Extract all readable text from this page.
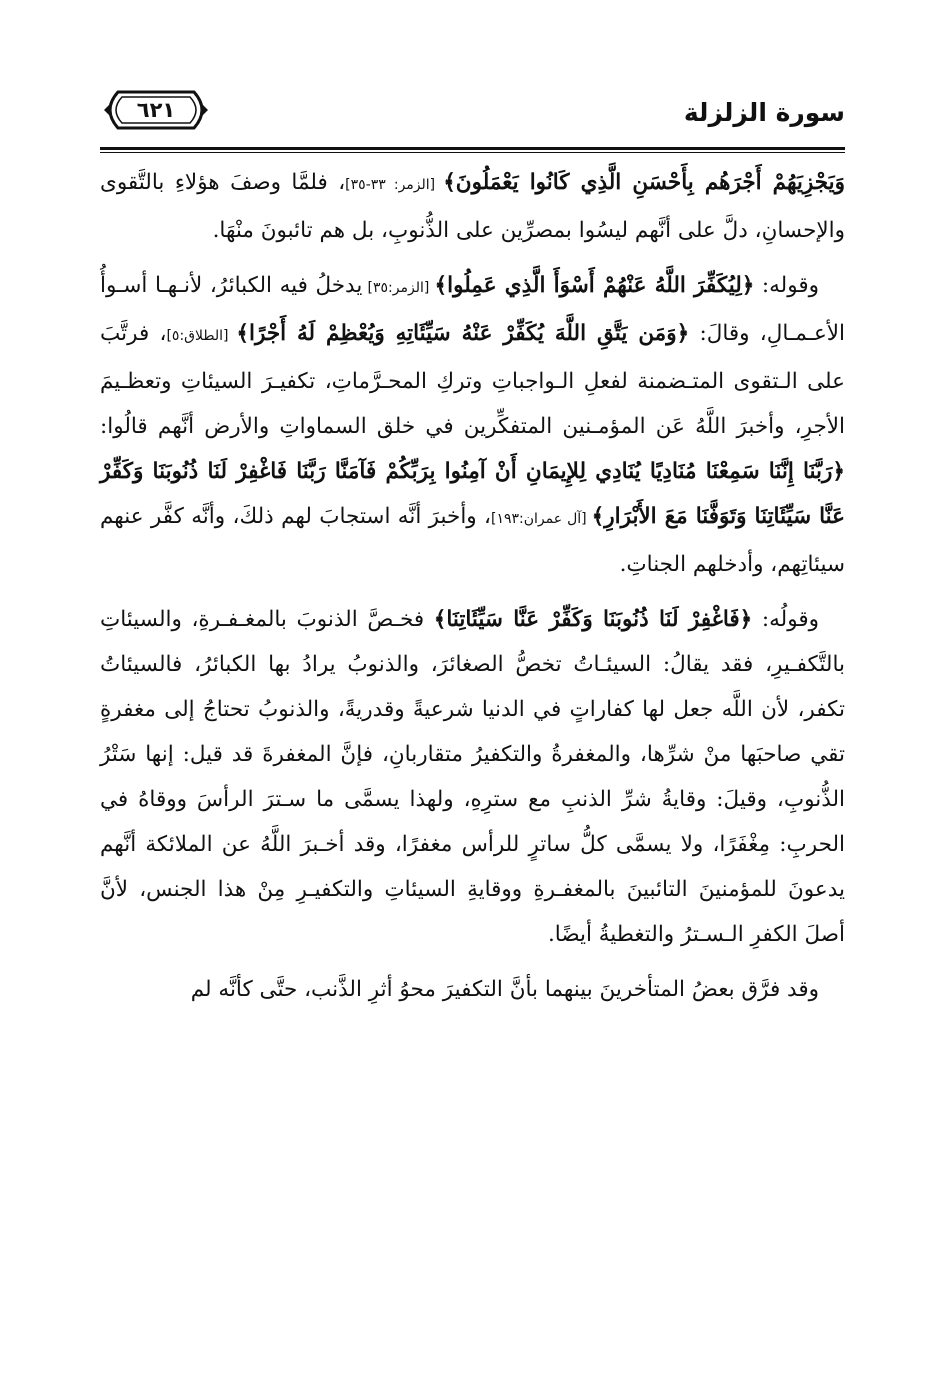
٦٢١	سورة الزلزلة

وَيَجْزِيَهُمْ أَجْرَهُم بِأَحْسَنِ الَّذِي كَانُوا يَعْمَلُونَ﴾ [الزمر: ٣٣-٣٥]، فلمَّا وصفَ هؤلاءِ بالتَّقوى والإحسانِ، دلَّ على أنَّهم ليسُوا بمصرِّين على الذُّنوبِ، بل هم تائبونَ منْهَا.

وقوله: ﴿لِيُكَفِّرَ اللَّهُ عَنْهُمْ أَسْوَأَ الَّذِي عَمِلُوا﴾ [الزمر:٣٥] يدخلُ فيه الكبائرُ، لأنـهـا أسـوأُ الأعـمـالِ، وقالَ: ﴿وَمَن يَتَّقِ اللَّهَ يُكَفِّرْ عَنْهُ سَيِّئَاتِهِ وَيُعْظِمْ لَهُ أَجْرًا﴾ [الطلاق:٥]، فرتَّبَ على الـتقوى المتـضمنة لفعلِ الـواجباتِ وتركِ المحـرَّماتِ، تكفيـرَ السيئاتِ وتعظـيمَ الأجرِ، وأخبرَ اللَّهُ عَن المؤمـنين المتفكِّرين في خلق السماواتِ والأرض أنَّهم قالُوا: ﴿رَبَّنَا إِنَّنَا سَمِعْنَا مُنَادِيًا يُنَادِي لِلإِيمَانِ أَنْ آمِنُوا بِرَبِّكُمْ فَآمَنَّا رَبَّنَا فَاغْفِرْ لَنَا ذُنُوبَنَا وَكَفِّرْ عَنَّا سَيِّئَاتِنَا وَتَوَفَّنَا مَعَ الأَبْرَارِ﴾ [آل عمران:١٩٣]، وأخبرَ أنَّه استجابَ لهم ذلكَ، وأنَّه كفَّر عنهم سيئاتِهم، وأدخلهم الجناتِ.

وقولُه: ﴿فَاغْفِرْ لَنَا ذُنُوبَنَا وَكَفِّرْ عَنَّا سَيِّئَاتِنَا﴾ فخـصَّ الذنوبَ بالمغـفـرةِ، والسيئاتِ بالتَّكفـيرِ، فقد يقالُ: السيئـاتُ تخصُّ الصغائرَ، والذنوبُ يرادُ بها الكبائرُ، فالسيئاتُ تكفر، لأن اللَّه جعل لها كفاراتٍ في الدنيا شرعيةً وقدريةً، والذنوبُ تحتاجُ إلى مغفرةٍ تقي صاحبَها منْ شرِّها، والمغفرةُ والتكفيرُ متقاربانِ، فإنَّ المغفرةَ قد قيل: إنها سَتْرُ الذُّنوبِ، وقيلَ: وقايةُ شرِّ الذنبِ مع سترِهِ، ولهذا يسمَّى ما سـترَ الرأسَ ووقاهُ في الحربِ: مِغْفَرًا، ولا يسمَّى كلُّ ساترٍ للرأس مغفرًا، وقد أخـبرَ اللَّهُ عن الملائكة أنَّهم يدعونَ للمؤمنينَ التائبينَ بالمغفـرةِ ووقايةِ السيئاتِ والتكفيـرِ مِنْ هذا الجنس، لأنَّ أصلَ الكفرِ الـسـترُ والتغطيةُ أيضًا.

وقد فرَّق بعضُ المتأخرينَ بينهما بأنَّ التكفيرَ محوُ أثرِ الذَّنب، حتَّى كأنَّه لم
